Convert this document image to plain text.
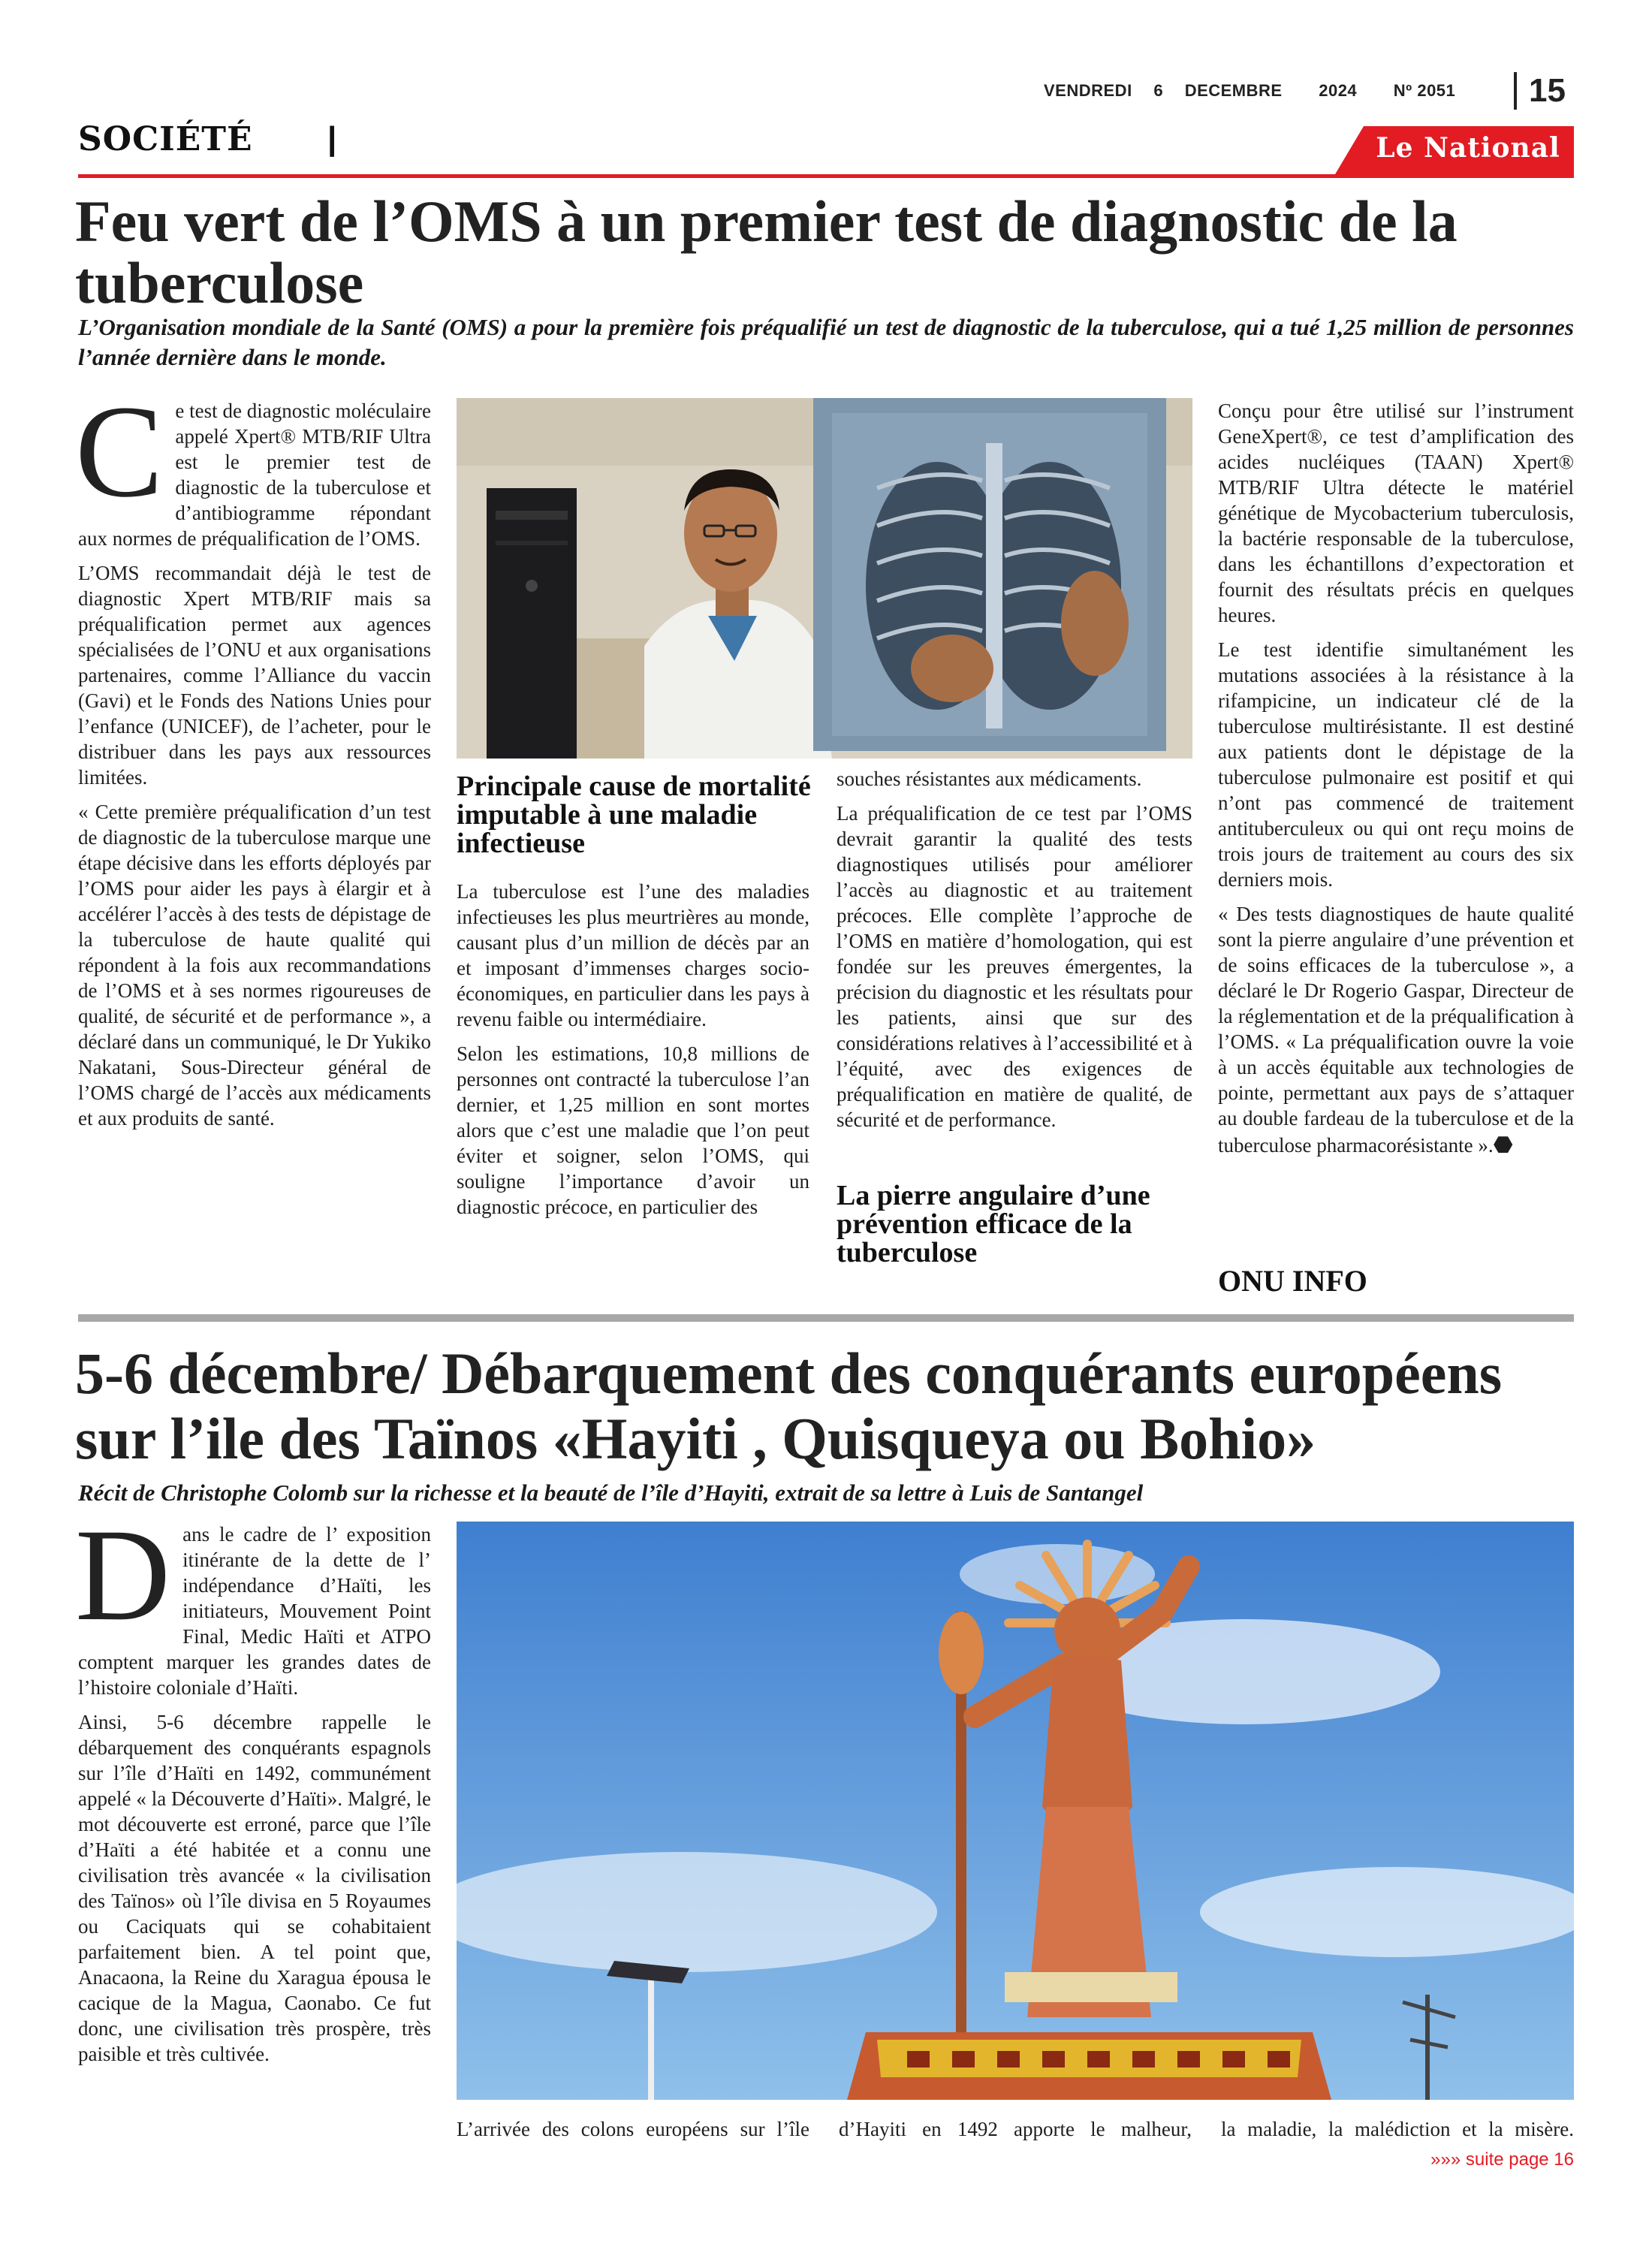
VENDREDI 6 DECEMBRE 2024 Nº 2051	15
SOCIÉTÉ |	Le National
Feu vert de l’OMS à un premier test de diagnostic de la tuberculose
L’Organisation mondiale de la Santé (OMS) a pour la première fois préqualifié un test de diagnostic de la tuberculose, qui a tué 1,25 million de personnes l’année dernière dans le monde.

Ce test de diagnostic moléculaire appelé Xpert® MTB/RIF Ultra est le premier test de diagnostic de la tuberculose et d’antibiogramme répondant aux normes de préqualification de l’OMS.

L’OMS recommandait déjà le test de diagnostic Xpert MTB/RIF mais sa préqualification permet aux agences spécialisées de l’ONU et aux organisations partenaires, comme l’Alliance du vaccin (Gavi) et le Fonds des Nations Unies pour l’enfance (UNICEF), de l’acheter, pour le distribuer dans les pays aux ressources limitées.

« Cette première préqualification d’un test de diagnostic de la tuberculose marque une étape décisive dans les efforts déployés par l’OMS pour aider les pays à élargir et à accélérer l’accès à des tests de dépistage de la tuberculose de haute qualité qui répondent à la fois aux recommandations de l’OMS et à ses normes rigoureuses de qualité, de sécurité et de performance », a déclaré dans un communiqué, le Dr Yukiko Nakatani, Sous-Directeur général de l’OMS chargé de l’accès aux médicaments et aux produits de santé.

Principale cause de mortalité imputable à une maladie infectieuse

La tuberculose est l’une des maladies infectieuses les plus meurtrières au monde, causant plus d’un million de décès par an et imposant d’immenses charges socio-économiques, en particulier dans les pays à revenu faible ou intermédiaire.

Selon les estimations, 10,8 millions de personnes ont contracté la tuberculose l’an dernier, et 1,25 million en sont mortes alors que c’est une maladie que l’on peut éviter et soigner, selon l’OMS, qui souligne l’importance d’avoir un diagnostic précoce, en particulier des

souches résistantes aux médicaments.

La préqualification de ce test par l’OMS devrait garantir la qualité des tests diagnostiques utilisés pour améliorer l’accès au diagnostic et au traitement précoces. Elle complète l’approche de l’OMS en matière d’homologation, qui est fondée sur les preuves émergentes, la précision du diagnostic et les résultats pour les patients, ainsi que sur des considérations relatives à l’accessibilité et à l’équité, avec des exigences de préqualification en matière de qualité, de sécurité et de performance.

La pierre angulaire d’une prévention efficace de la tuberculose

Conçu pour être utilisé sur l’instrument GeneXpert®, ce test d’amplification des acides nucléiques (TAAN) Xpert® MTB/RIF Ultra détecte le matériel génétique de Mycobacterium tuberculosis, la bactérie responsable de la tuberculose, dans les échantillons d’expectoration et fournit des résultats précis en quelques heures.

Le test identifie simultanément les mutations associées à la résistance à la rifampicine, un indicateur clé de la tuberculose multirésistante. Il est destiné aux patients dont le dépistage de la tuberculose pulmonaire est positif et qui n’ont pas commencé de traitement antituberculeux ou qui ont reçu moins de trois jours de traitement au cours des six derniers mois.

« Des tests diagnostiques de haute qualité sont la pierre angulaire d’une prévention et de soins efficaces de la tuberculose », a déclaré le Dr Rogerio Gaspar, Directeur de la réglementation et de la préqualification à l’OMS. « La préqualification ouvre la voie à un accès équitable aux technologies de pointe, permettant aux pays de s’attaquer au double fardeau de la tuberculose et de la tuberculose pharmacorésistante ».⬣

ONU INFO
5-6 décembre/ Débarquement des conquérants européens sur l’ile des Taïnos «Hayiti , Quisqueya ou Bohio»
Récit de Christophe Colomb sur la richesse et la beauté de l’île d’Hayiti, extrait de sa lettre à Luis de Santangel

Dans le cadre de l’ exposition itinérante de la dette de l’ indépendance d’Haïti, les initiateurs, Mouvement Point Final, Medic Haïti et ATPO comptent marquer les grandes dates de l’histoire coloniale d’Haïti.

Ainsi, 5-6 décembre rappelle le débarquement des conquérants espagnols sur l’île d’Haïti en 1492, communément appelé « la Découverte d’Haïti». Malgré, le mot découverte est erroné, parce que l’île d’Haïti a été habitée et a connu une civilisation très avancée « la civilisation des Taïnos» où l’île divisa en 5 Royaumes ou Caciquats qui se cohabitaient parfaitement bien. A tel point que, Anacaona, la Reine du Xaragua épousa le cacique de la Magua, Caonabo. Ce fut donc, une civilisation très prospère, très paisible et très cultivée.

L’arrivée des colons européens sur l’île d’Hayiti en 1492 apporte le malheur, la maladie, la malédiction et la misère.
»»» suite page 16
